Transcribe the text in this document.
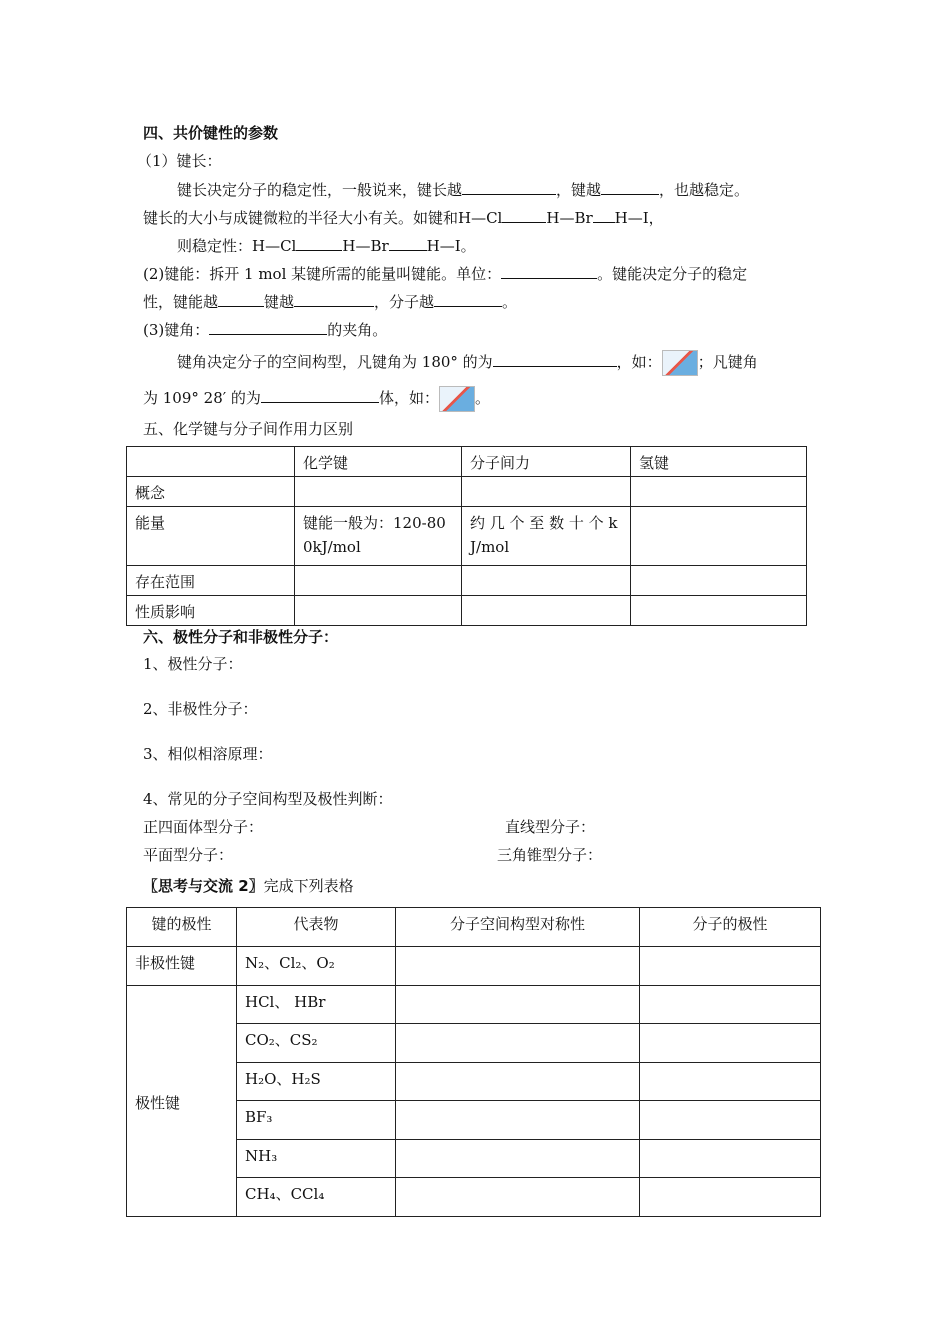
四、共价键性的参数
（1）键长：
键长决定分子的稳定性，一般说来，键长越	，键越	，也越稳定。
键长的大小与成键微粒的半径大小有关。如键和H—Cl	H—Br H—I，
则稳定性：H—Cl	H—Br	H—I。
(2)键能：拆开 1 mol 某键所需的能量叫键能。单位：	。键能决定分子的稳定
性，键能越	键越	，分子越	。
(3)键角：	的夹角。
键角决定分子的空间构型，凡键角为 180° 的为	，如： ；凡键角
为 109° 28′ 的为	体，如： 。
五、化学键与分子间作用力区别
	化学键	分子间力	氢键
概念			
能量	键能一般为：120-800kJ/mol	约 几 个 至 数 十 个 kJ/mol	
存在范围			
性质影响			
六、极性分子和非极性分子：
1、极性分子：
2、非极性分子：
3、相似相溶原理：
4、常见的分子空间构型及极性判断：
正四面体型分子：	直线型分子：
平面型分子：	三角锥型分子：
〖思考与交流 2〗完成下列表格
键的极性	代表物	分子空间构型对称性	分子的极性
非极性键	N₂、Cl₂、O₂		
极性键	HCl、 HBr		
	CO₂、CS₂		
	H₂O、H₂S		
	BF₃		
	NH₃		
	CH₄、CCl₄		
